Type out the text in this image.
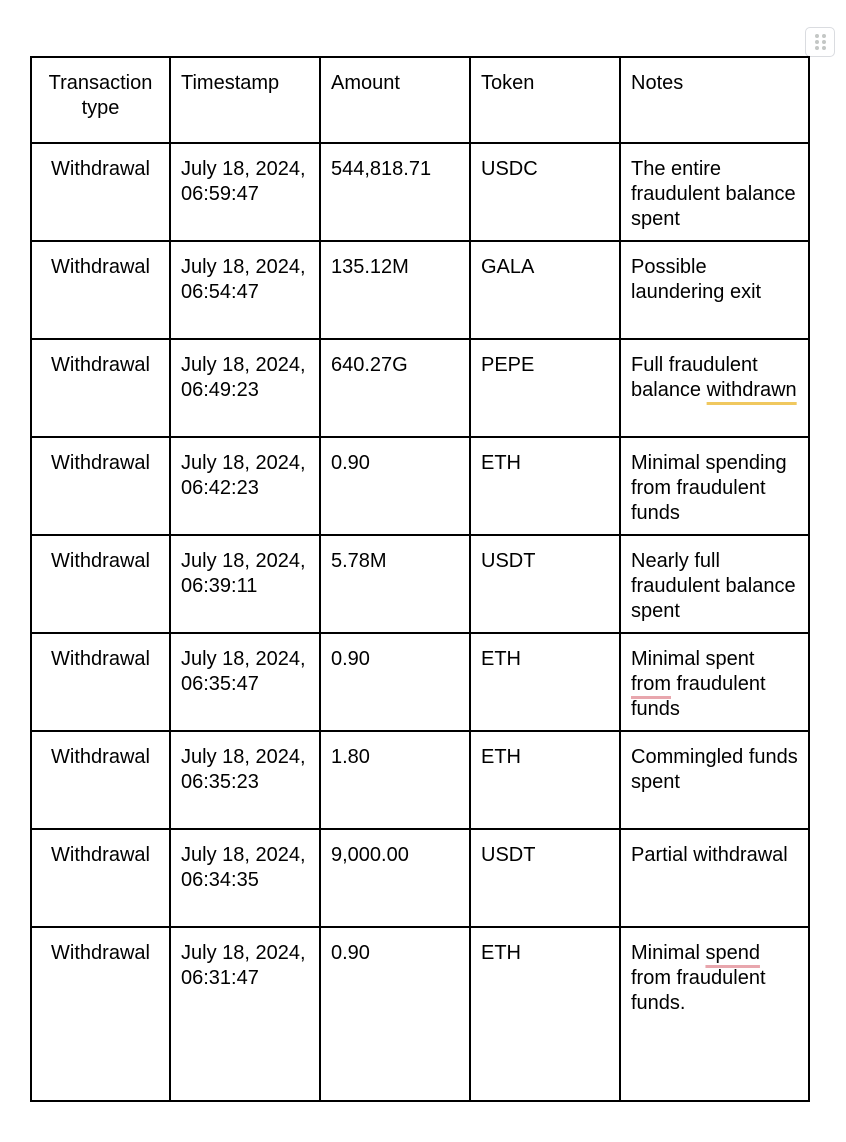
Transaction type	Timestamp	Amount	Token	Notes
Withdrawal	July 18, 2024, 06:59:47	544,818.71	USDC	The entire fraudulent balance spent
Withdrawal	July 18, 2024, 06:54:47	135.12M	GALA	Possible laundering exit
Withdrawal	July 18, 2024, 06:49:23	640.27G	PEPE	Full fraudulent balance withdrawn
Withdrawal	July 18, 2024, 06:42:23	0.90	ETH	Minimal spending from fraudulent funds
Withdrawal	July 18, 2024, 06:39:11	5.78M	USDT	Nearly full fraudulent balance spent
Withdrawal	July 18, 2024, 06:35:47	0.90	ETH	Minimal spent from fraudulent funds
Withdrawal	July 18, 2024, 06:35:23	1.80	ETH	Commingled funds spent
Withdrawal	July 18, 2024, 06:34:35	9,000.00	USDT	Partial withdrawal
Withdrawal	July 18, 2024, 06:31:47	0.90	ETH	Minimal spend from fraudulent funds.
